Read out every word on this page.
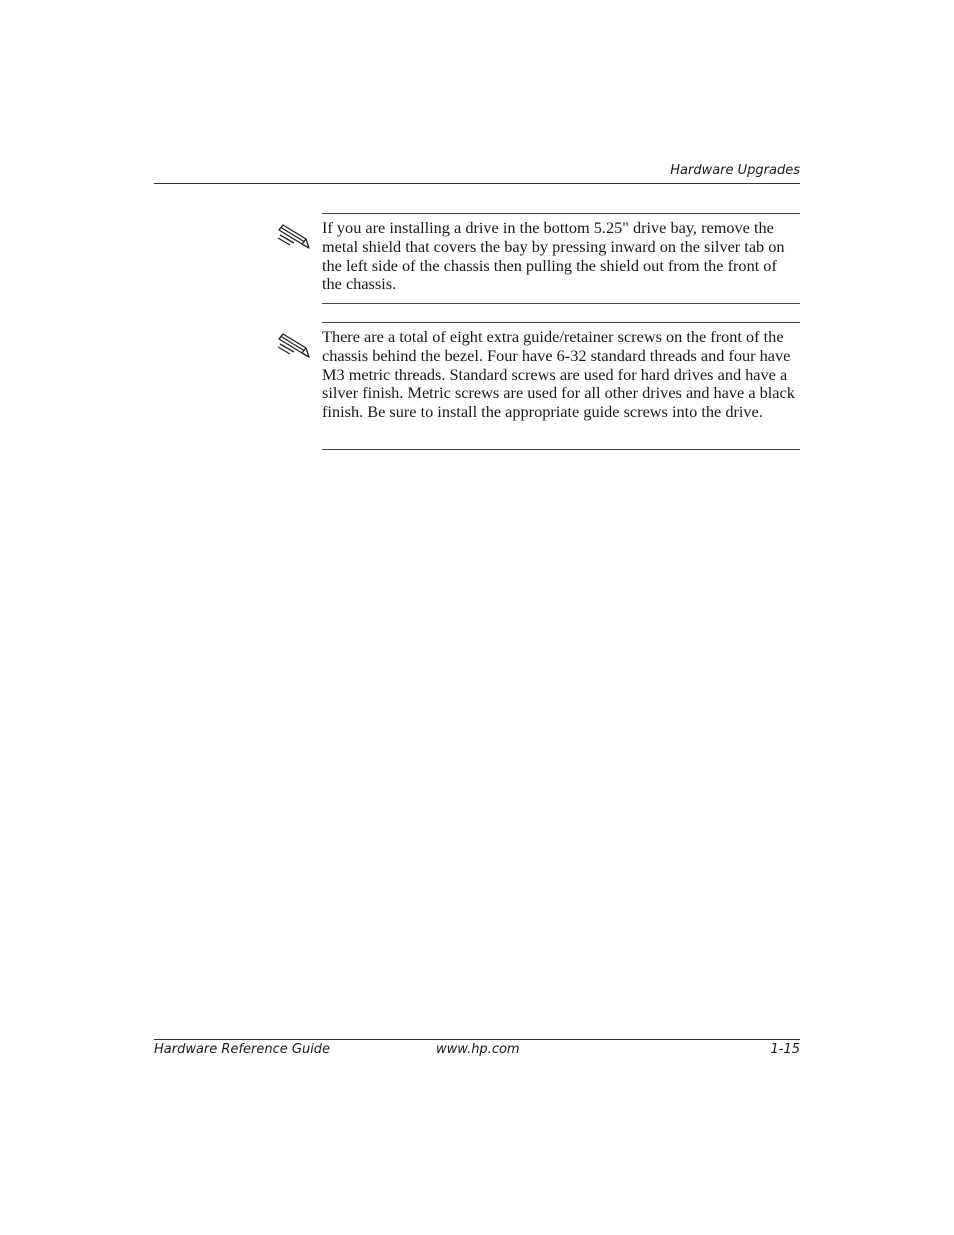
Hardware Upgrades

If you are installing a drive in the bottom 5.25" drive bay, remove the metal shield that covers the bay by pressing inward on the silver tab on the left side of the chassis then pulling the shield out from the front of the chassis.

There are a total of eight extra guide/retainer screws on the front of the chassis behind the bezel. Four have 6-32 standard threads and four have M3 metric threads. Standard screws are used for hard drives and have a silver finish. Metric screws are used for all other drives and have a black finish. Be sure to install the appropriate guide screws into the drive.

Hardware Reference Guide	www.hp.com	1-15
